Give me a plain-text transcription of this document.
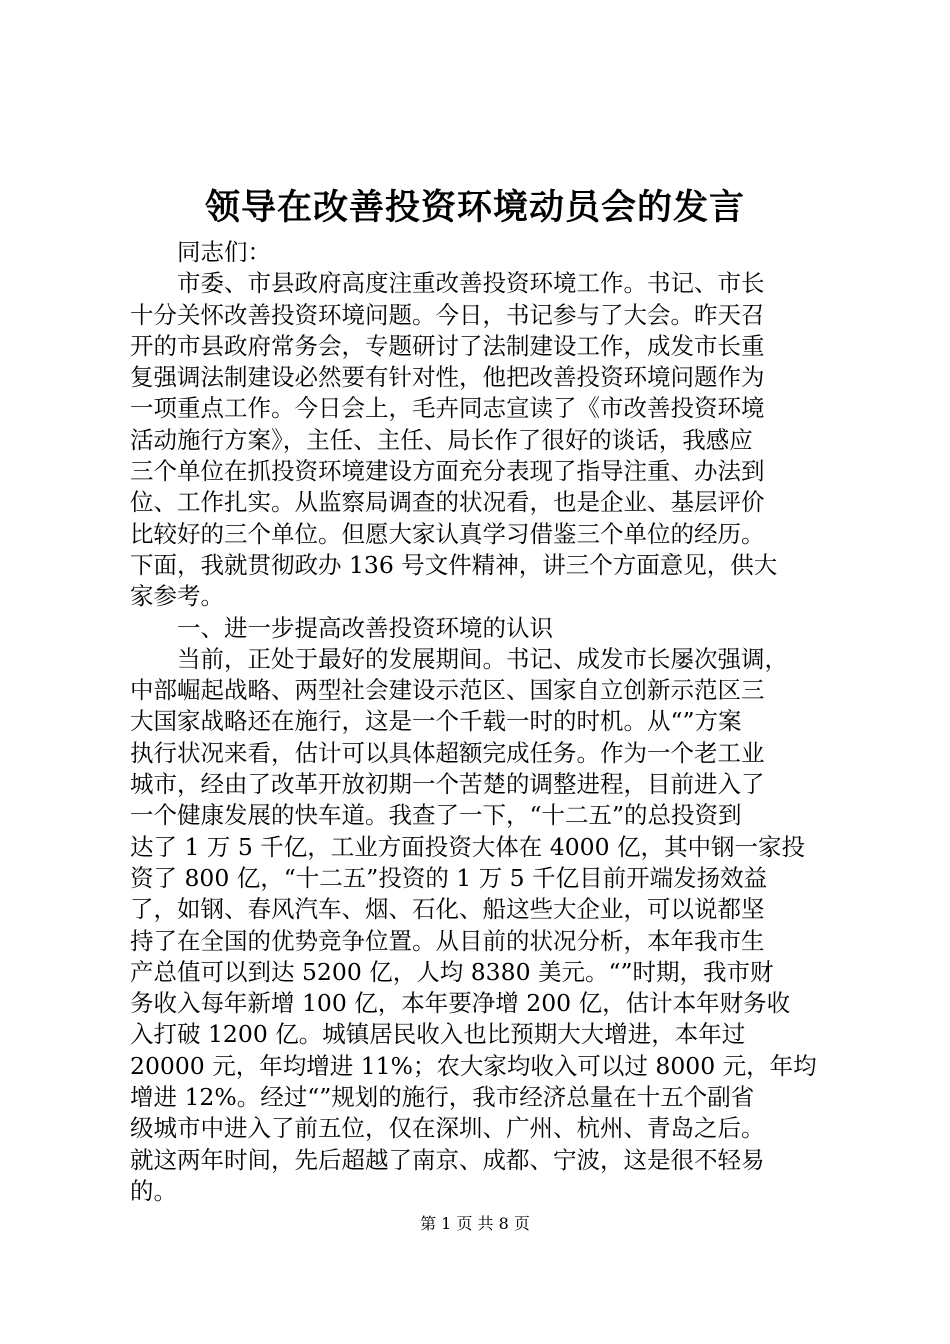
领导在改善投资环境动员会的发言
同志们：
市委、市县政府高度注重改善投资环境工作。书记、市长
十分关怀改善投资环境问题。今日，书记参与了大会。昨天召
开的市县政府常务会，专题研讨了法制建设工作，成发市长重
复强调法制建设必然要有针对性，他把改善投资环境问题作为
一项重点工作。今日会上，毛卉同志宣读了《市改善投资环境
活动施行方案》，主任、主任、局长作了很好的谈话，我感应
三个单位在抓投资环境建设方面充分表现了指导注重、办法到
位、工作扎实。从监察局调查的状况看，也是企业、基层评价
比较好的三个单位。但愿大家认真学习借鉴三个单位的经历。
下面，我就贯彻政办 136 号文件精神，讲三个方面意见，供大
家参考。
一、进一步提高改善投资环境的认识
当前，正处于最好的发展期间。书记、成发市长屡次强调，
中部崛起战略、两型社会建设示范区、国家自立创新示范区三
大国家战略还在施行，这是一个千载一时的时机。从“”方案
执行状况来看，估计可以具体超额完成任务。作为一个老工业
城市，经由了改革开放初期一个苦楚的调整进程，目前进入了
一个健康发展的快车道。我查了一下，“十二五”的总投资到
达了 1 万 5 千亿，工业方面投资大体在 4000 亿，其中钢一家投
资了 800 亿，“十二五”投资的 1 万 5 千亿目前开端发扬效益
了，如钢、春风汽车、烟、石化、船这些大企业，可以说都坚
持了在全国的优势竞争位置。从目前的状况分析，本年我市生
产总值可以到达 5200 亿，人均 8380 美元。“”时期，我市财
务收入每年新增 100 亿，本年要净增 200 亿，估计本年财务收
入打破 1200 亿。城镇居民收入也比预期大大增进，本年过
20000 元，年均增进 11%；农大家均收入可以过 8000 元，年均
增进 12%。经过“”规划的施行，我市经济总量在十五个副省
级城市中进入了前五位，仅在深圳、广州、杭州、青岛之后。
就这两年时间，先后超越了南京、成都、宁波，这是很不轻易
的。
第 1 页 共 8 页
